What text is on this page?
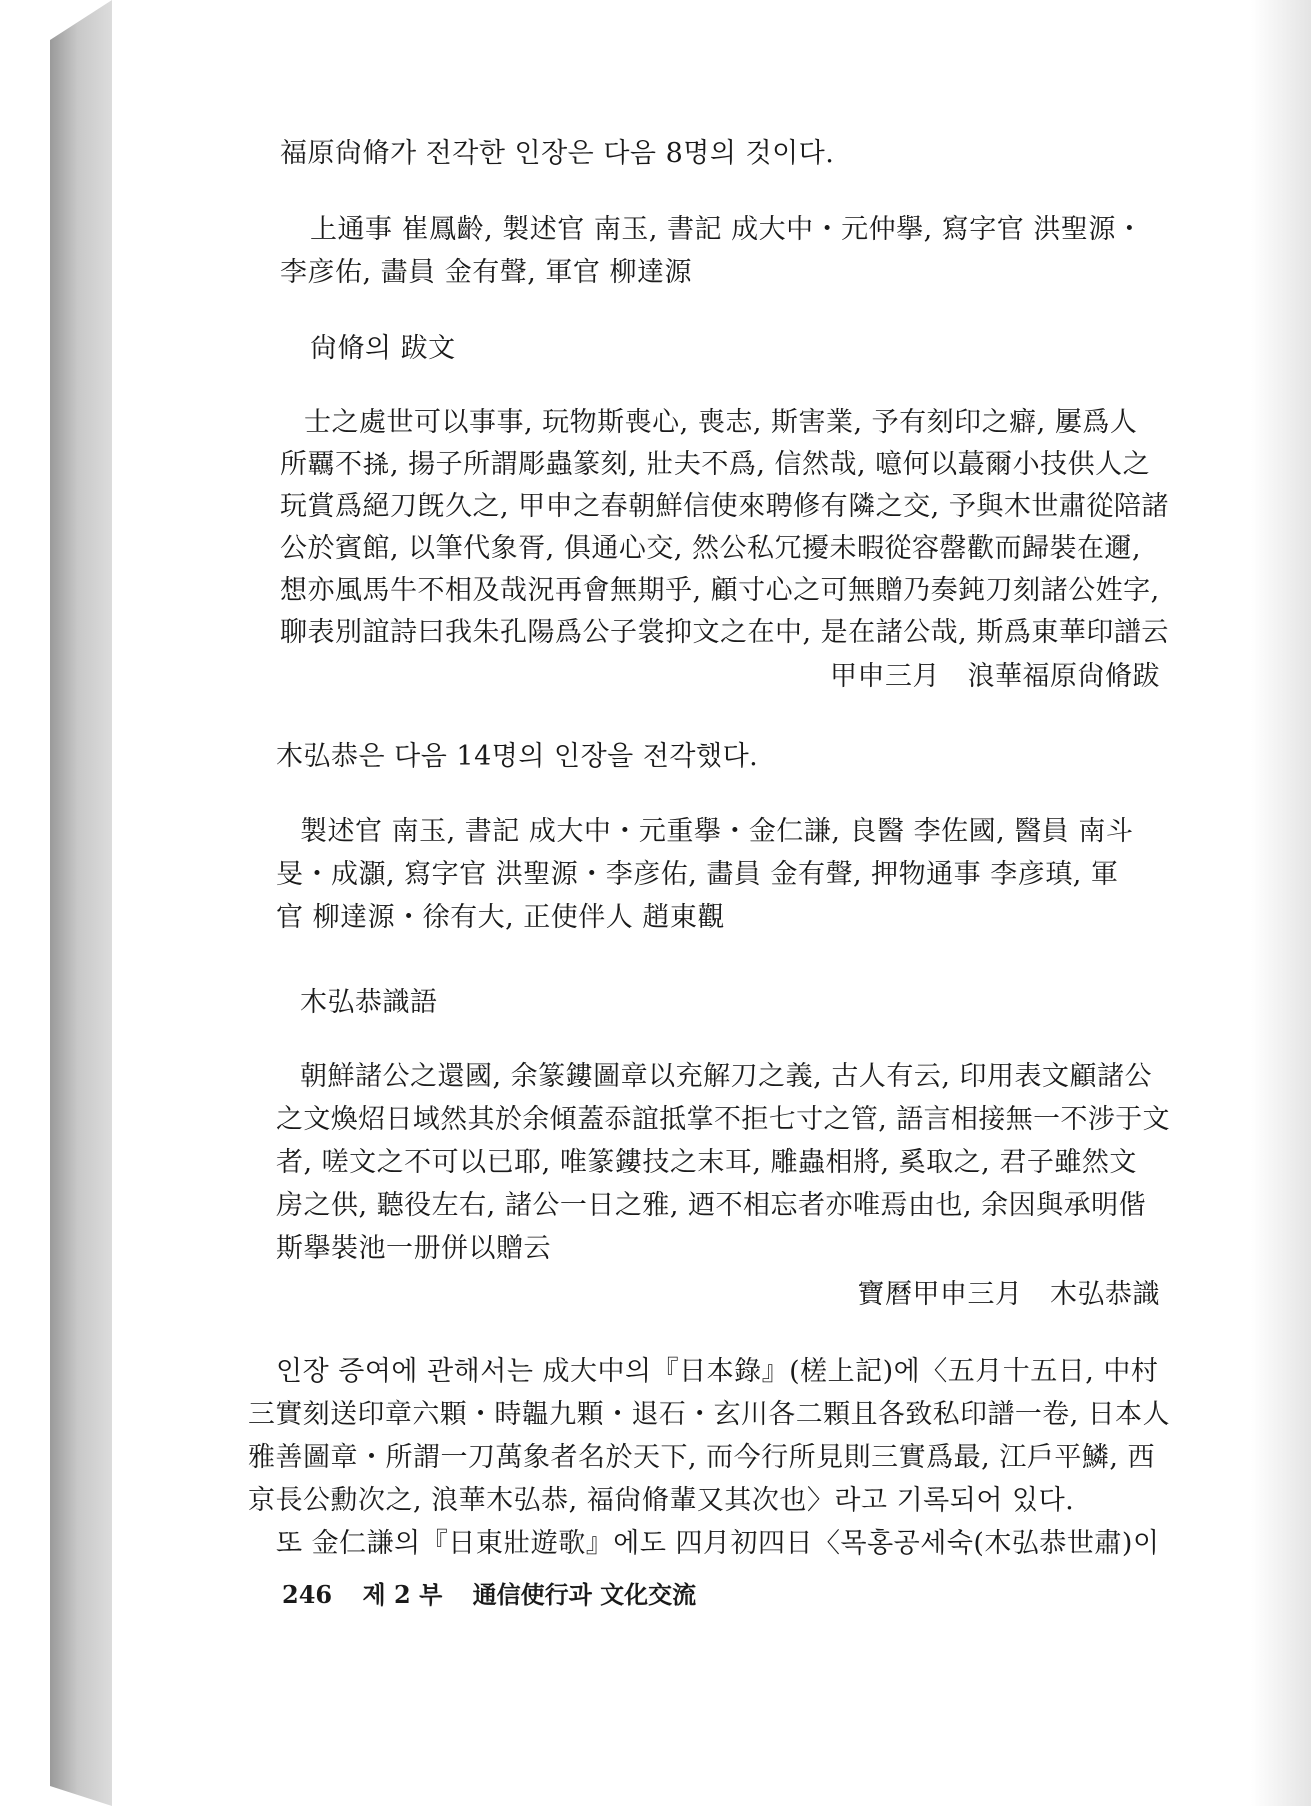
福原尙脩가 전각한 인장은 다음 8명의 것이다.
上通事 崔鳳齡, 製述官 南玉, 書記 成大中・元仲擧, 寫字官 洪聖源・
李彦佑, 畵員 金有聲, 軍官 柳達源
尙脩의 跋文
士之處世可以事事, 玩物斯喪心, 喪志, 斯害業, 予有刻印之癖, 屢爲人
所覊不𢫬, 揚子所謂彫蟲篆刻, 壯夫不爲, 信然哉, 噫何以蕞爾小技供人之
玩賞爲絕刀旣久之, 甲申之春朝鮮信使來聘修有隣之交, 予與木世肅從陪諸
公於賓館, 以筆代象胥, 俱通心交, 然公私冗擾未暇從容罄歡而歸裝在邇,
想亦風馬牛不相及哉況再會無期乎, 顧寸心之可無贈乃奏鈍刀刻諸公姓字,
聊表別誼詩曰我朱孔陽爲公子裳抑文之在中, 是在諸公哉, 斯爲東華印譜云
甲申三月　浪華福原尙脩跋
木弘恭은 다음 14명의 인장을 전각했다.
製述官 南玉, 書記 成大中・元重擧・金仁謙, 良醫 李佐國, 醫員 南斗
旻・成灝, 寫字官 洪聖源・李彦佑, 畵員 金有聲, 押物通事 李彦瑱, 軍
官 柳達源・徐有大, 正使伴人 趙東觀
木弘恭識語
朝鮮諸公之還國, 余篆鏤圖章以充解刀之義, 古人有云, 印用表文顧諸公
之文煥炤日域然其於余傾蓋忝誼抵掌不拒七寸之管, 語言相接無一不涉于文
者, 嗟文之不可以已耶, 唯篆鏤技之末耳, 雕蟲相將, 奚取之, 君子雖然文
房之供, 聽役左右, 諸公一日之雅, 迺不相忘者亦唯焉由也, 余因與承明偕
斯擧裝池一册併以贈云
寶曆甲申三月　木弘恭識
인장 증여에 관해서는 成大中의『日本錄』(槎上記)에〈五月十五日, 中村
三實刻送印章六顆・時韞九顆・退石・玄川各二顆且各致私印譜一卷, 日本人
雅善圖章・所謂一刀萬象者名於天下, 而今行所見則三實爲最, 江戶平鱗, 西
京長公勳次之, 浪華木弘恭, 福尙脩輩又其次也〉라고 기록되어 있다.
또 金仁謙의『日東壯遊歌』에도 四月初四日〈목홍공세숙(木弘恭世肅)이
246 제 2 부 通信使行과 文化交流
